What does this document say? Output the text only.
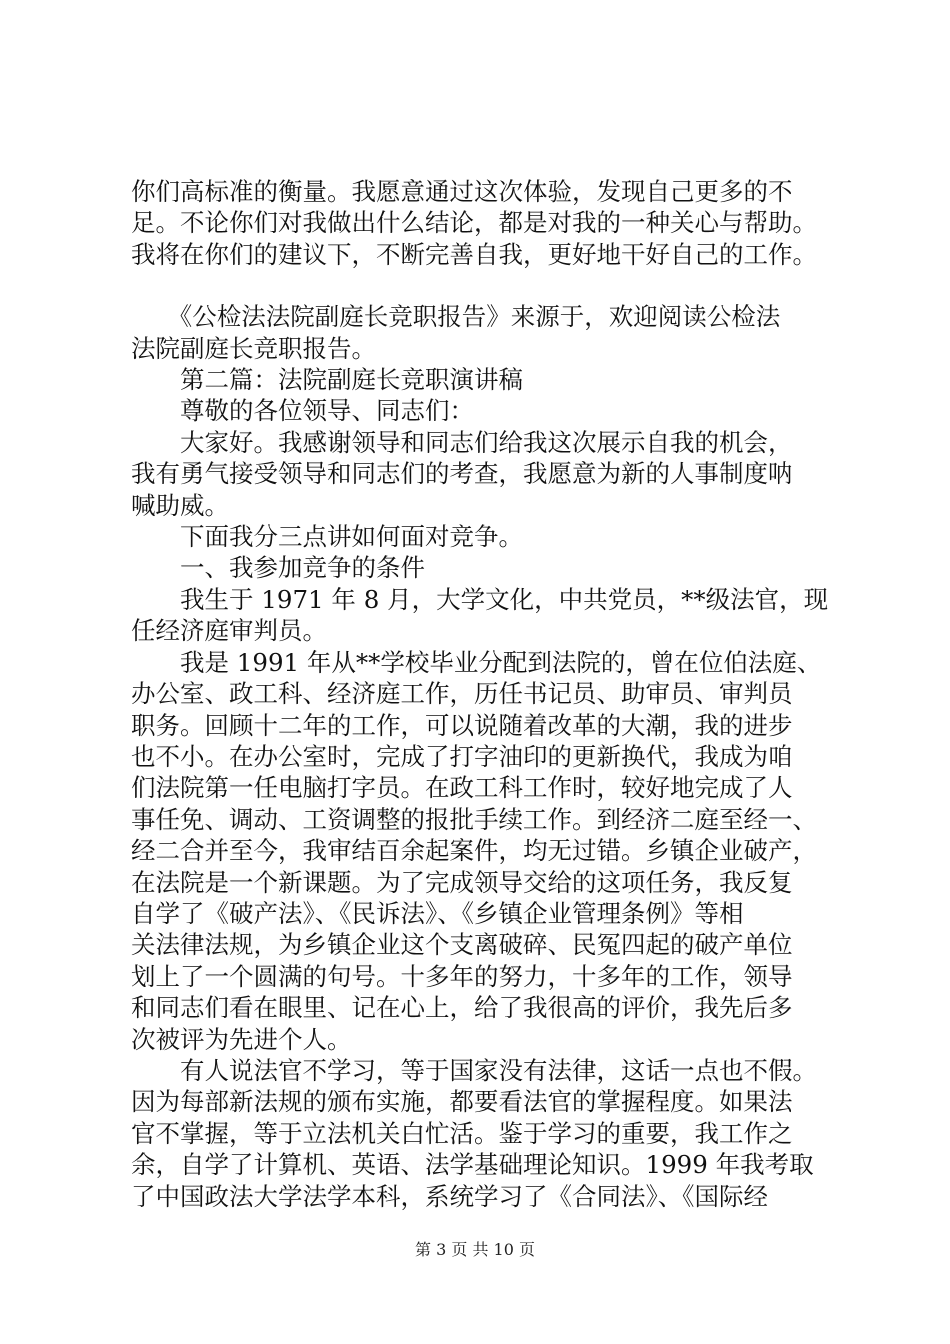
你们高标准的衡量。我愿意通过这次体验，发现自己更多的不

足。不论你们对我做出什么结论，都是对我的一种关心与帮助。

我将在你们的建议下，不断完善自我，更好地干好自己的工作。

　　《公检法法院副庭长竞职报告》来源于，欢迎阅读公检法

法院副庭长竞职报告。

　　第二篇：法院副庭长竞职演讲稿

　　尊敬的各位领导、同志们：

　　大家好。我感谢领导和同志们给我这次展示自我的机会，

我有勇气接受领导和同志们的考查，我愿意为新的人事制度呐

喊助威。

　　下面我分三点讲如何面对竞争。

　　一、我参加竞争的条件

　　我生于 1971 年 8 月，大学文化，中共党员，**级法官，现

任经济庭审判员。

　　我是 1991 年从**学校毕业分配到法院的，曾在位伯法庭、

办公室、政工科、经济庭工作，历任书记员、助审员、审判员

职务。回顾十二年的工作，可以说随着改革的大潮，我的进步

也不小。在办公室时，完成了打字油印的更新换代，我成为咱

们法院第一任电脑打字员。在政工科工作时，较好地完成了人

事任免、调动、工资调整的报批手续工作。到经济二庭至经一、

经二合并至今，我审结百余起案件，均无过错。乡镇企业破产，

在法院是一个新课题。为了完成领导交给的这项任务，我反复

自学了《破产法》、《民诉法》、《乡镇企业管理条例》等相

关法律法规，为乡镇企业这个支离破碎、民冤四起的破产单位

划上了一个圆满的句号。十多年的努力，十多年的工作，领导

和同志们看在眼里、记在心上，给了我很高的评价，我先后多

次被评为先进个人。

　　有人说法官不学习，等于国家没有法律，这话一点也不假。

因为每部新法规的颁布实施，都要看法官的掌握程度。如果法

官不掌握，等于立法机关白忙活。鉴于学习的重要，我工作之

余，自学了计算机、英语、法学基础理论知识。1999 年我考取

了中国政法大学法学本科，系统学习了《合同法》、《国际经

第 3 页 共 10 页
